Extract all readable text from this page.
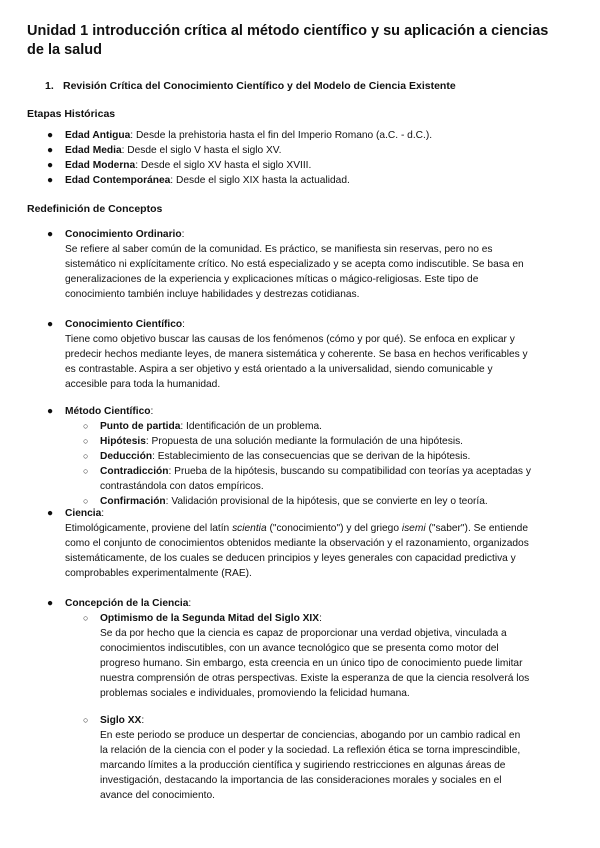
Unidad 1 introducción crítica al método científico y su aplicación a ciencias de la salud
1. Revisión Crítica del Conocimiento Científico y del Modelo de Ciencia Existente
Etapas Históricas
● Edad Antigua: Desde la prehistoria hasta el fin del Imperio Romano (a.C. - d.C.).
● Edad Media: Desde el siglo V hasta el siglo XV.
● Edad Moderna: Desde el siglo XV hasta el siglo XVIII.
● Edad Contemporánea: Desde el siglo XIX hasta la actualidad.
Redefinición de Conceptos
● Conocimiento Ordinario:
Se refiere al saber común de la comunidad. Es práctico, se manifiesta sin reservas, pero no es
sistemático ni explícitamente crítico. No está especializado y se acepta como indiscutible. Se basa en
generalizaciones de la experiencia y explicaciones míticas o mágico-religiosas. Este tipo de
conocimiento también incluye habilidades y destrezas cotidianas.
● Conocimiento Científico:
Tiene como objetivo buscar las causas de los fenómenos (cómo y por qué). Se enfoca en explicar y
predecir hechos mediante leyes, de manera sistemática y coherente. Se basa en hechos verificables y
es contrastable. Aspira a ser objetivo y está orientado a la universalidad, siendo comunicable y
accesible para toda la humanidad.
● Método Científico:
○ Punto de partida: Identificación de un problema.
○ Hipótesis: Propuesta de una solución mediante la formulación de una hipótesis.
○ Deducción: Establecimiento de las consecuencias que se derivan de la hipótesis.
○ Contradicción: Prueba de la hipótesis, buscando su compatibilidad con teorías ya aceptadas y
contrastándola con datos empíricos.
○ Confirmación: Validación provisional de la hipótesis, que se convierte en ley o teoría.
● Ciencia:
Etimológicamente, proviene del latín scientia ("conocimiento") y del griego isemi ("saber"). Se entiende
como el conjunto de conocimientos obtenidos mediante la observación y el razonamiento, organizados
sistemáticamente, de los cuales se deducen principios y leyes generales con capacidad predictiva y
comprobables experimentalmente (RAE).
● Concepción de la Ciencia:
○ Optimismo de la Segunda Mitad del Siglo XIX:
Se da por hecho que la ciencia es capaz de proporcionar una verdad objetiva, vinculada a
conocimientos indiscutibles, con un avance tecnológico que se presenta como motor del
progreso humano. Sin embargo, esta creencia en un único tipo de conocimiento puede limitar
nuestra comprensión de otras perspectivas. Existe la esperanza de que la ciencia resolverá los
problemas sociales e individuales, promoviendo la felicidad humana.
○ Siglo XX:
En este periodo se produce un despertar de conciencias, abogando por un cambio radical en
la relación de la ciencia con el poder y la sociedad. La reflexión ética se torna imprescindible,
marcando límites a la producción científica y sugiriendo restricciones en algunas áreas de
investigación, destacando la importancia de las consideraciones morales y sociales en el
avance del conocimiento.
